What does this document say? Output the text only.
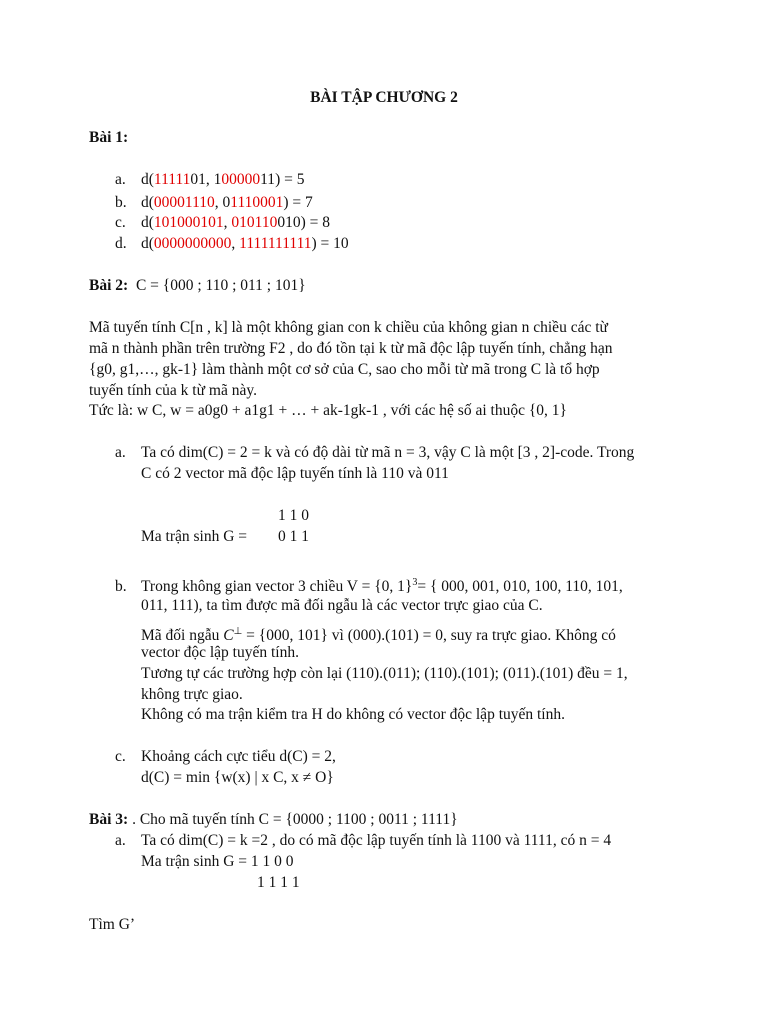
BÀI TẬP CHƯƠNG 2
Bài 1:
a. d(1111101, 10000011) = 5
b. d(00001110, 01110001) = 7
c. d(101000101, 010110010) = 8
d. d(0000000000, 1111111111) = 10
Bài 2: C = {000 ; 110 ; 011 ; 101}
Mã tuyến tính C[n , k] là một không gian con k chiều của không gian n chiều các từ
mã n thành phần trên trường F2 , do đó tồn tại k từ mã độc lập tuyến tính, chẳng hạn
{g0, g1,…, gk-1} làm thành một cơ sở của C, sao cho mỗi từ mã trong C là tổ hợp
tuyến tính của k từ mã này.
Tức là: w C, w = a0g0 + a1g1 + … + ak-1gk-1 , với các hệ số ai thuộc {0, 1}
a. Ta có dim(C) = 2 = k và có độ dài từ mã n = 3, vậy C là một [3 , 2]-code. Trong
C có 2 vector mã độc lập tuyến tính là 110 và 011
1 1 0
Ma trận sinh G = 0 1 1
b. Trong không gian vector 3 chiều V = {0, 1}$^3$= { 000, 001, 010, 100, 110, 101,
011, 111), ta tìm được mã đối ngẫu là các vector trực giao của C.
Mã đối ngẫu C⊥ = {000, 101} vì (000).(101) = 0, suy ra trực giao. Không có
vector độc lập tuyến tính.
Tương tự các trường hợp còn lại (110).(011); (110).(101); (011).(101) đều = 1,
không trực giao.
Không có ma trận kiểm tra H do không có vector độc lập tuyến tính.
c. Khoảng cách cực tiểu d(C) = 2,
d(C) = min {w(x) | x C, x ≠ O}
Bài 3: . Cho mã tuyến tính C = {0000 ; 1100 ; 0011 ; 1111}
a. Ta có dim(C) = k =2 , do có mã độc lập tuyến tính là 1100 và 1111, có n = 4
Ma trận sinh G = 1 1 0 0
1 1 1 1
Tìm G’
